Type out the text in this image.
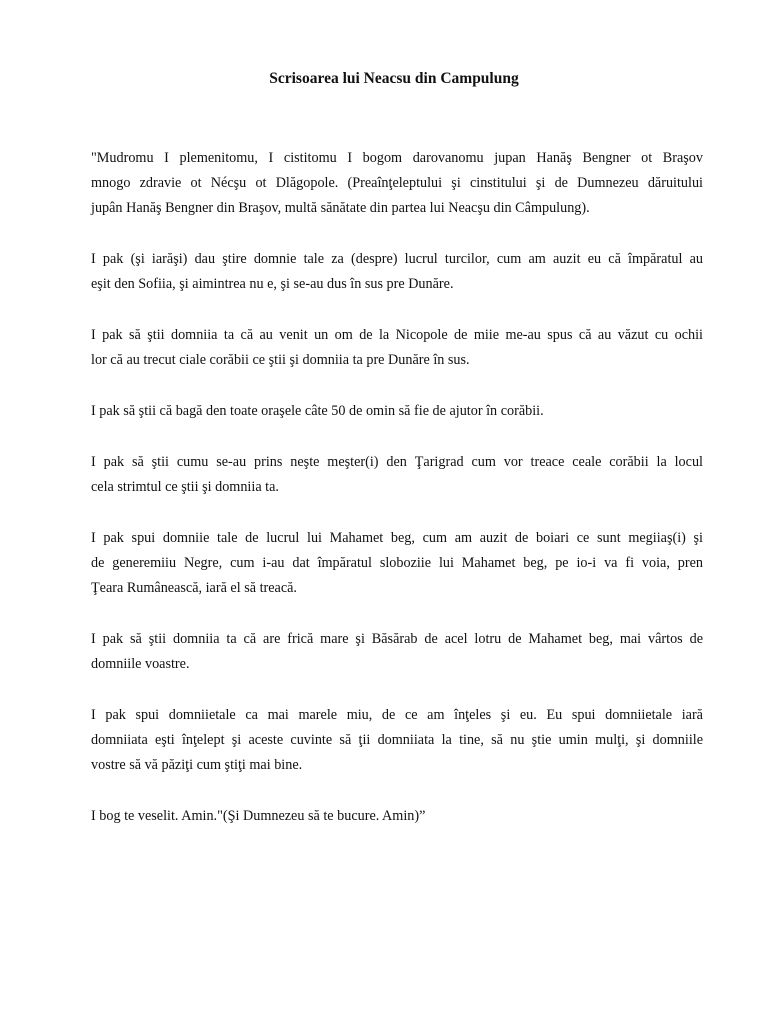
Scrisoarea lui Neacsu din Campulung

"Mudromu I plemenitomu, I cistitomu I bogom darovanomu jupan Hanăş Bengner ot Braşov
mnogo zdravie ot Nécşu ot Dlăgopole. (Preaînţeleptului şi cinstitului şi de Dumnezeu dăruitului
jupân Hanăş Bengner din Braşov, multă sănătate din partea lui Neacşu din Câmpulung).

I pak (şi iarăşi) dau ştire domnie tale za (despre) lucrul turcilor, cum am auzit eu că împăratul au
eşit den Sofiia, şi aimintrea nu e, şi se-au dus în sus pre Dunăre.

I pak să ştii domniia ta că au venit un om de la Nicopole de miie me-au spus că au văzut cu ochii
lor că au trecut ciale corăbii ce ştii şi domniia ta pre Dunăre în sus.

I pak să ştii că bagă den toate oraşele câte 50 de omin să fie de ajutor în corăbii.

I pak să ştii cumu se-au prins neşte meşter(i) den Ţarigrad cum vor treace ceale corăbii la locul
cela strimtul ce ştii şi domniia ta.

I pak spui domniie tale de lucrul lui Mahamet beg, cum am auzit de boiari ce sunt megiiaş(i) şi
de generemiiu Negre, cum i-au dat împăratul sloboziie lui Mahamet beg, pe io-i va fi voia, pren
Ţeara Rumânească, iară el să treacă.

I pak să ştii domniia ta că are frică mare şi Băsărab de acel lotru de Mahamet beg, mai vârtos de
domniile voastre.

I pak spui domniietale ca mai marele miu, de ce am înţeles şi eu. Eu spui domniietale iară
domniiata eşti înţelept şi aceste cuvinte să ţii domniiata la tine, să nu ştie umin mulţi, şi domniile
vostre să vă păziţi cum ştiţi mai bine.

I bog te veselit. Amin."(Şi Dumnezeu să te bucure. Amin)”
